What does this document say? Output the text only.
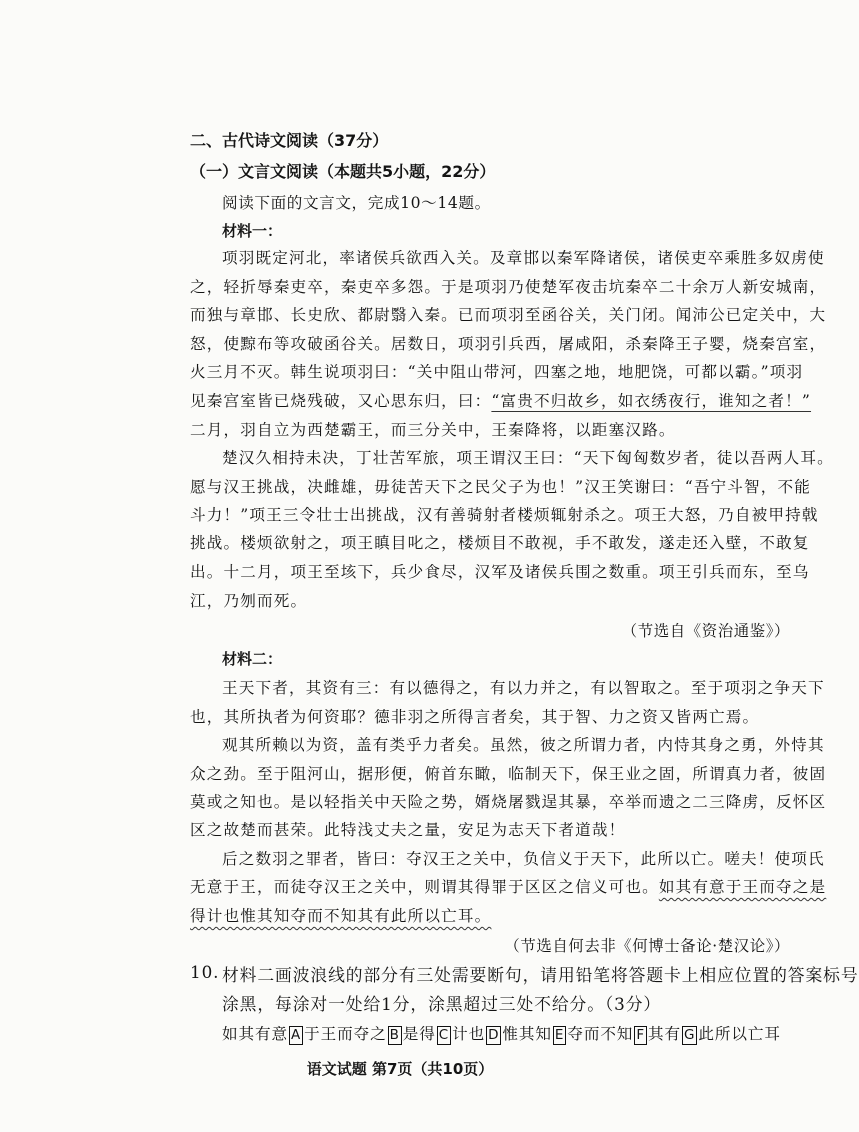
二、古代诗文阅读（37分）
（一）文言文阅读（本题共5小题，22分）
阅读下面的文言文，完成10～14题。
材料一：
项羽既定河北，率诸侯兵欲西入关。及章邯以秦军降诸侯，诸侯吏卒乘胜多奴虏使
之，轻折辱秦吏卒，秦吏卒多怨。于是项羽乃使楚军夜击坑秦卒二十余万人新安城南，
而独与章邯、长史欣、都尉翳入秦。已而项羽至函谷关，关门闭。闻沛公已定关中，大
怒，使黥布等攻破函谷关。居数日，项羽引兵西，屠咸阳，杀秦降王子婴，烧秦宫室，
火三月不灭。韩生说项羽曰：“关中阻山带河，四塞之地，地肥饶，可都以霸。”项羽
见秦宫室皆已烧残破，又心思东归，曰：“富贵不归故乡，如衣绣夜行，谁知之者！”
二月，羽自立为西楚霸王，而三分关中，王秦降将，以距塞汉路。
楚汉久相持未决，丁壮苦军旅，项王谓汉王曰：“天下匈匈数岁者，徒以吾两人耳。
愿与汉王挑战，决雌雄，毋徒苦天下之民父子为也！”汉王笑谢曰：“吾宁斗智，不能
斗力！”项王三令壮士出挑战，汉有善骑射者楼烦辄射杀之。项王大怒，乃自被甲持戟
挑战。楼烦欲射之，项王瞋目叱之，楼烦目不敢视，手不敢发，遂走还入壁，不敢复
出。十二月，项王至垓下，兵少食尽，汉军及诸侯兵围之数重。项王引兵而东，至乌
江，乃刎而死。
（节选自《资治通鉴》）
材料二：
王天下者，其资有三：有以德得之，有以力并之，有以智取之。至于项羽之争天下
也，其所执者为何资耶？德非羽之所得言者矣，其于智、力之资又皆两亡焉。
观其所赖以为资，盖有类乎力者矣。虽然，彼之所谓力者，内恃其身之勇，外恃其
众之劲。至于阻河山，据形便，俯首东瞰，临制天下，保王业之固，所谓真力者，彼固
莫或之知也。是以轻指关中天险之势，婿烧屠戮逞其暴，卒举而遗之二三降虏，反怀区
区之故楚而甚荣。此特浅丈夫之量，安足为志天下者道哉！
后之数羽之罪者，皆曰：夺汉王之关中，负信义于天下，此所以亡。嗟夫！使项氏
无意于王，而徒夺汉王之关中，则谓其得罪于区区之信义可也。如其有意于王而夺之是
得计也惟其知夺而不知其有此所以亡耳。
（节选自何去非《何博士备论·楚汉论》）
10. 材料二画波浪线的部分有三处需要断句，请用铅笔将答题卡上相应位置的答案标号
涂黑，每涂对一处给1分，涂黑超过三处不给分。（3分）
如其有意 A 于王而夺之 B 是得 C 计也 D 惟其知 E 夺而不知 F 其有 G 此所以亡耳
语文试题 第7页（共10页）
